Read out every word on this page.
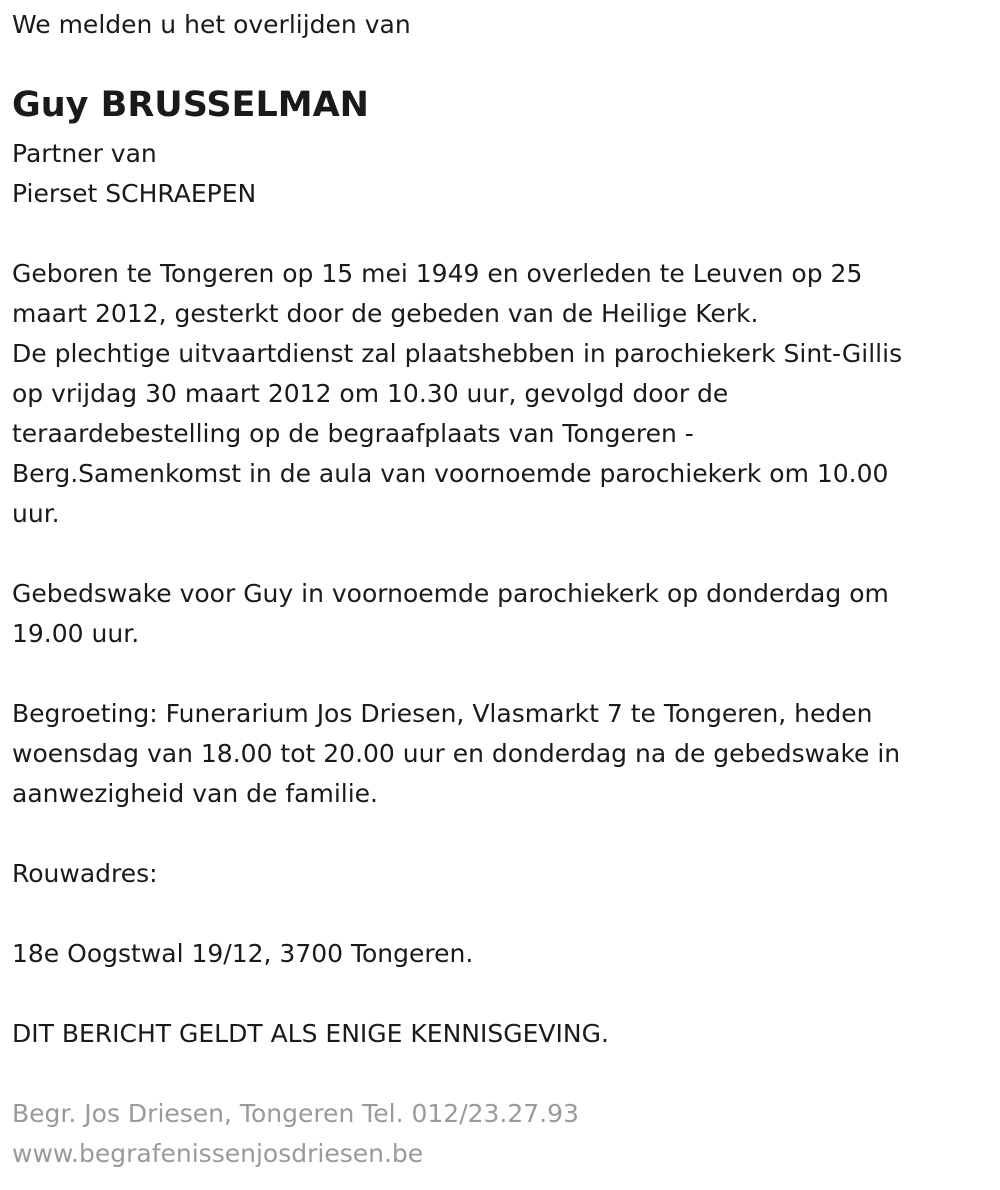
We melden u het overlijden van

Guy BRUSSELMAN

Partner van

Pierset SCHRAEPEN

Geboren te Tongeren op 15 mei 1949 en overleden te Leuven op 25

maart 2012, gesterkt door de gebeden van de Heilige Kerk.

De plechtige uitvaartdienst zal plaatshebben in parochiekerk Sint-Gillis

op vrijdag 30 maart 2012 om 10.30 uur, gevolgd door de

teraardebestelling op de begraafplaats van Tongeren -

Berg.Samenkomst in de aula van voornoemde parochiekerk om 10.00

uur.

Gebedswake voor Guy in voornoemde parochiekerk op donderdag om

19.00 uur.

Begroeting: Funerarium Jos Driesen, Vlasmarkt 7 te Tongeren, heden

woensdag van 18.00 tot 20.00 uur en donderdag na de gebedswake in

aanwezigheid van de familie.

Rouwadres:

18e Oogstwal 19/12, 3700 Tongeren.

DIT BERICHT GELDT ALS ENIGE KENNISGEVING.

Begr. Jos Driesen, Tongeren Tel. 012/23.27.93

www.begrafenissenjosdriesen.be
